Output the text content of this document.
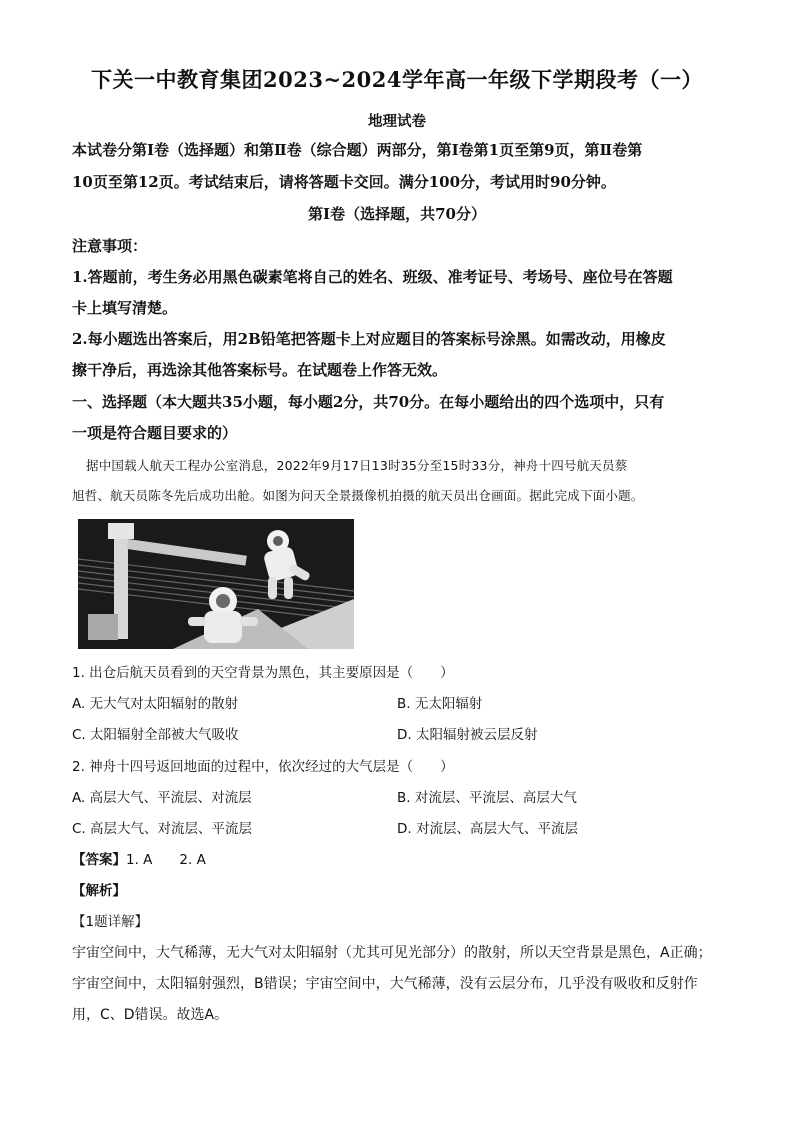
下关一中教育集团2023~2024学年高一年级下学期段考（一）
地理试卷
本试卷分第Ⅰ卷（选择题）和第Ⅱ卷（综合题）两部分，第Ⅰ卷第1页至第9页，第Ⅱ卷第
10页至第12页。考试结束后，请将答题卡交回。满分100分，考试用时90分钟。
第Ⅰ卷（选择题，共70分）
注意事项：
1.答题前，考生务必用黑色碳素笔将自己的姓名、班级、准考证号、考场号、座位号在答题
卡上填写清楚。
2.每小题选出答案后，用2B铅笔把答题卡上对应题目的答案标号涂黑。如需改动，用橡皮
擦干净后，再选涂其他答案标号。在试题卷上作答无效。
一、选择题（本大题共35小题，每小题2分，共70分。在每小题给出的四个选项中，只有
一项是符合题目要求的）
据中国载人航天工程办公室消息，2022年9月17日13时35分至15时33分，神舟十四号航天员蔡
旭哲、航天员陈冬先后成功出舱。如图为问天全景摄像机拍摄的航天员出仓画面。据此完成下面小题。
1. 出仓后航天员看到的天空背景为黑色，其主要原因是（　　）
A. 无大气对太阳辐射的散射	B. 无太阳辐射
C. 太阳辐射全部被大气吸收	D. 太阳辐射被云层反射
2. 神舟十四号返回地面的过程中，依次经过的大气层是（　　）
A. 高层大气、平流层、对流层	B. 对流层、平流层、高层大气
C. 高层大气、对流层、平流层	D. 对流层、高层大气、平流层
【答案】1. A　　2. A
【解析】
【1题详解】
宇宙空间中，大气稀薄，无大气对太阳辐射（尤其可见光部分）的散射，所以天空背景是黑色，A正确；
宇宙空间中，太阳辐射强烈，B错误；宇宙空间中，大气稀薄，没有云层分布，几乎没有吸收和反射作
用，C、D错误。故选A。
